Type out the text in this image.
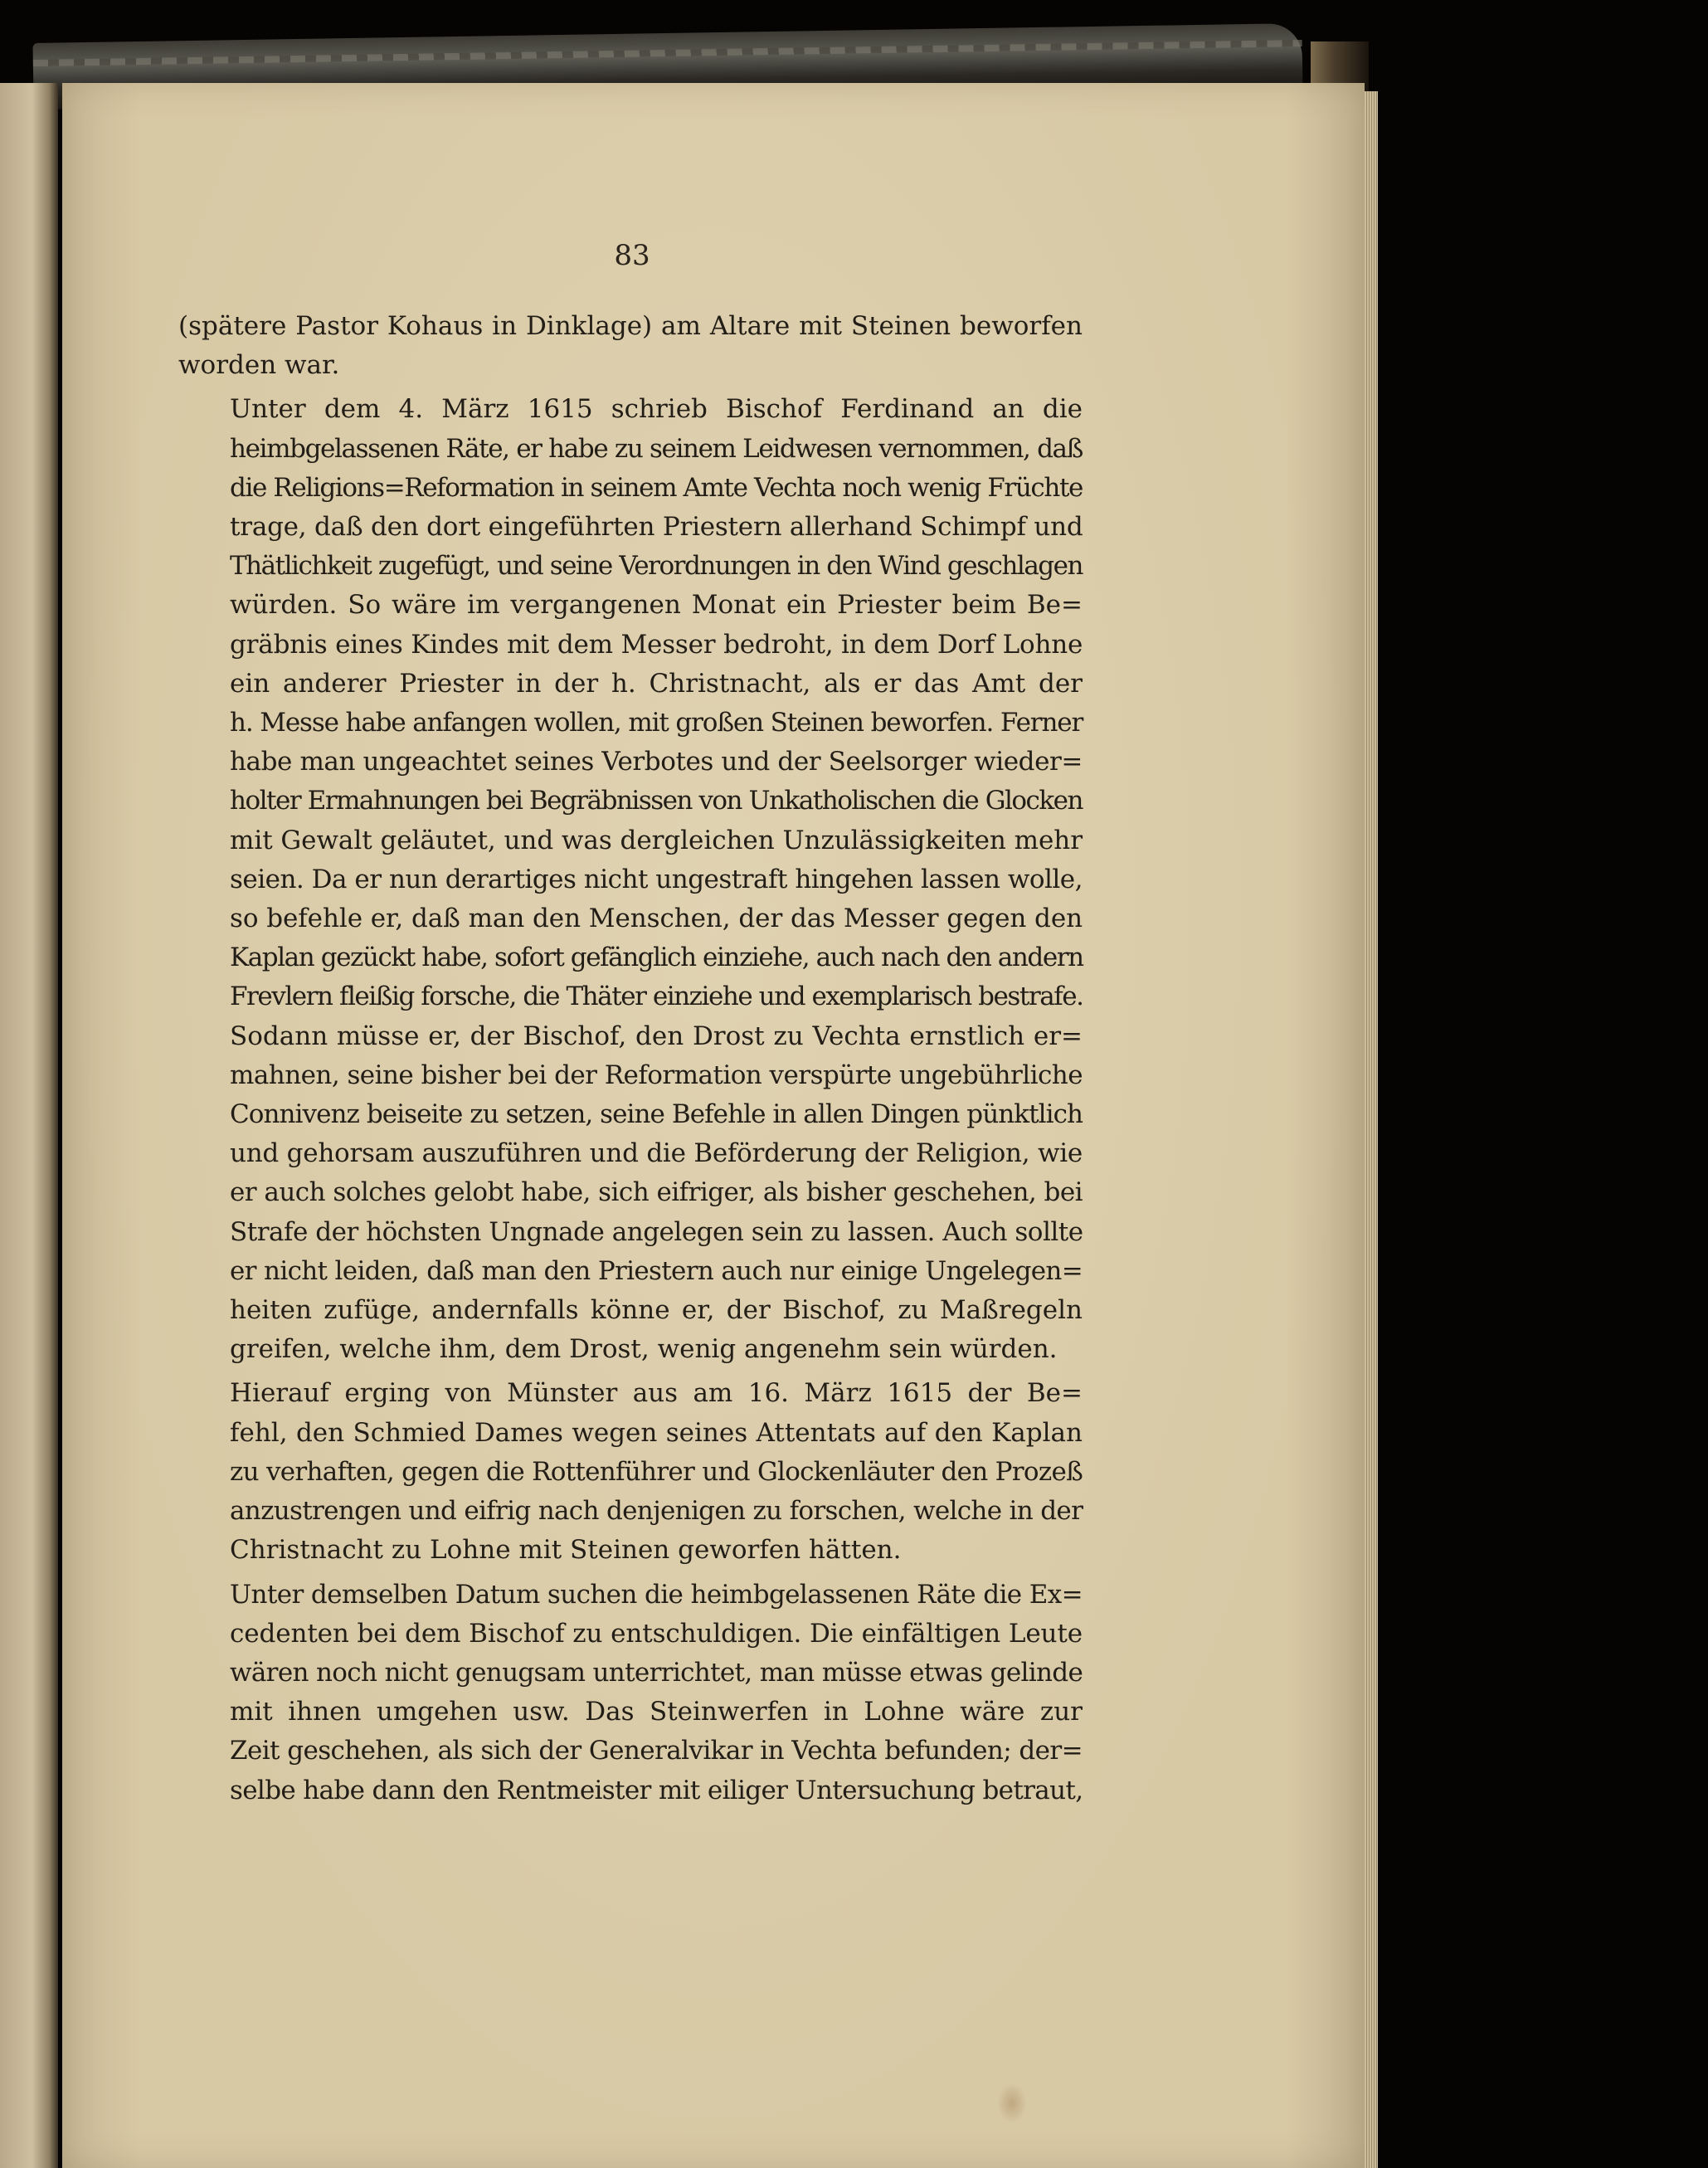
83

(spätere Pastor Kohaus in Dinklage) am Altare mit Steinen beworfen
worden war.

Unter dem 4. März 1615 schrieb Bischof Ferdinand an die
heimbgelassenen Räte, er habe zu seinem Leidwesen vernommen, daß
die Religions=Reformation in seinem Amte Vechta noch wenig Früchte
trage, daß den dort eingeführten Priestern allerhand Schimpf und
Thätlichkeit zugefügt, und seine Verordnungen in den Wind geschlagen
würden. So wäre im vergangenen Monat ein Priester beim Be=
gräbnis eines Kindes mit dem Messer bedroht, in dem Dorf Lohne
ein anderer Priester in der h. Christnacht, als er das Amt der
h. Messe habe anfangen wollen, mit großen Steinen beworfen. Ferner
habe man ungeachtet seines Verbotes und der Seelsorger wieder=
holter Ermahnungen bei Begräbnissen von Unkatholischen die Glocken
mit Gewalt geläutet, und was dergleichen Unzulässigkeiten mehr
seien. Da er nun derartiges nicht ungestraft hingehen lassen wolle,
so befehle er, daß man den Menschen, der das Messer gegen den
Kaplan gezückt habe, sofort gefänglich einziehe, auch nach den andern
Frevlern fleißig forsche, die Thäter einziehe und exemplarisch bestrafe.
Sodann müsse er, der Bischof, den Drost zu Vechta ernstlich er=
mahnen, seine bisher bei der Reformation verspürte ungebührliche
Connivenz beiseite zu setzen, seine Befehle in allen Dingen pünktlich
und gehorsam auszuführen und die Beförderung der Religion, wie
er auch solches gelobt habe, sich eifriger, als bisher geschehen, bei
Strafe der höchsten Ungnade angelegen sein zu lassen. Auch sollte
er nicht leiden, daß man den Priestern auch nur einige Ungelegen=
heiten zufüge, andernfalls könne er, der Bischof, zu Maßregeln
greifen, welche ihm, dem Drost, wenig angenehm sein würden.

Hierauf erging von Münster aus am 16. März 1615 der Be=
fehl, den Schmied Dames wegen seines Attentats auf den Kaplan
zu verhaften, gegen die Rottenführer und Glockenläuter den Prozeß
anzustrengen und eifrig nach denjenigen zu forschen, welche in der
Christnacht zu Lohne mit Steinen geworfen hätten.

Unter demselben Datum suchen die heimbgelassenen Räte die Ex=
cedenten bei dem Bischof zu entschuldigen. Die einfältigen Leute
wären noch nicht genugsam unterrichtet, man müsse etwas gelinde
mit ihnen umgehen usw. Das Steinwerfen in Lohne wäre zur
Zeit geschehen, als sich der Generalvikar in Vechta befunden; der=
selbe habe dann den Rentmeister mit eiliger Untersuchung betraut,
